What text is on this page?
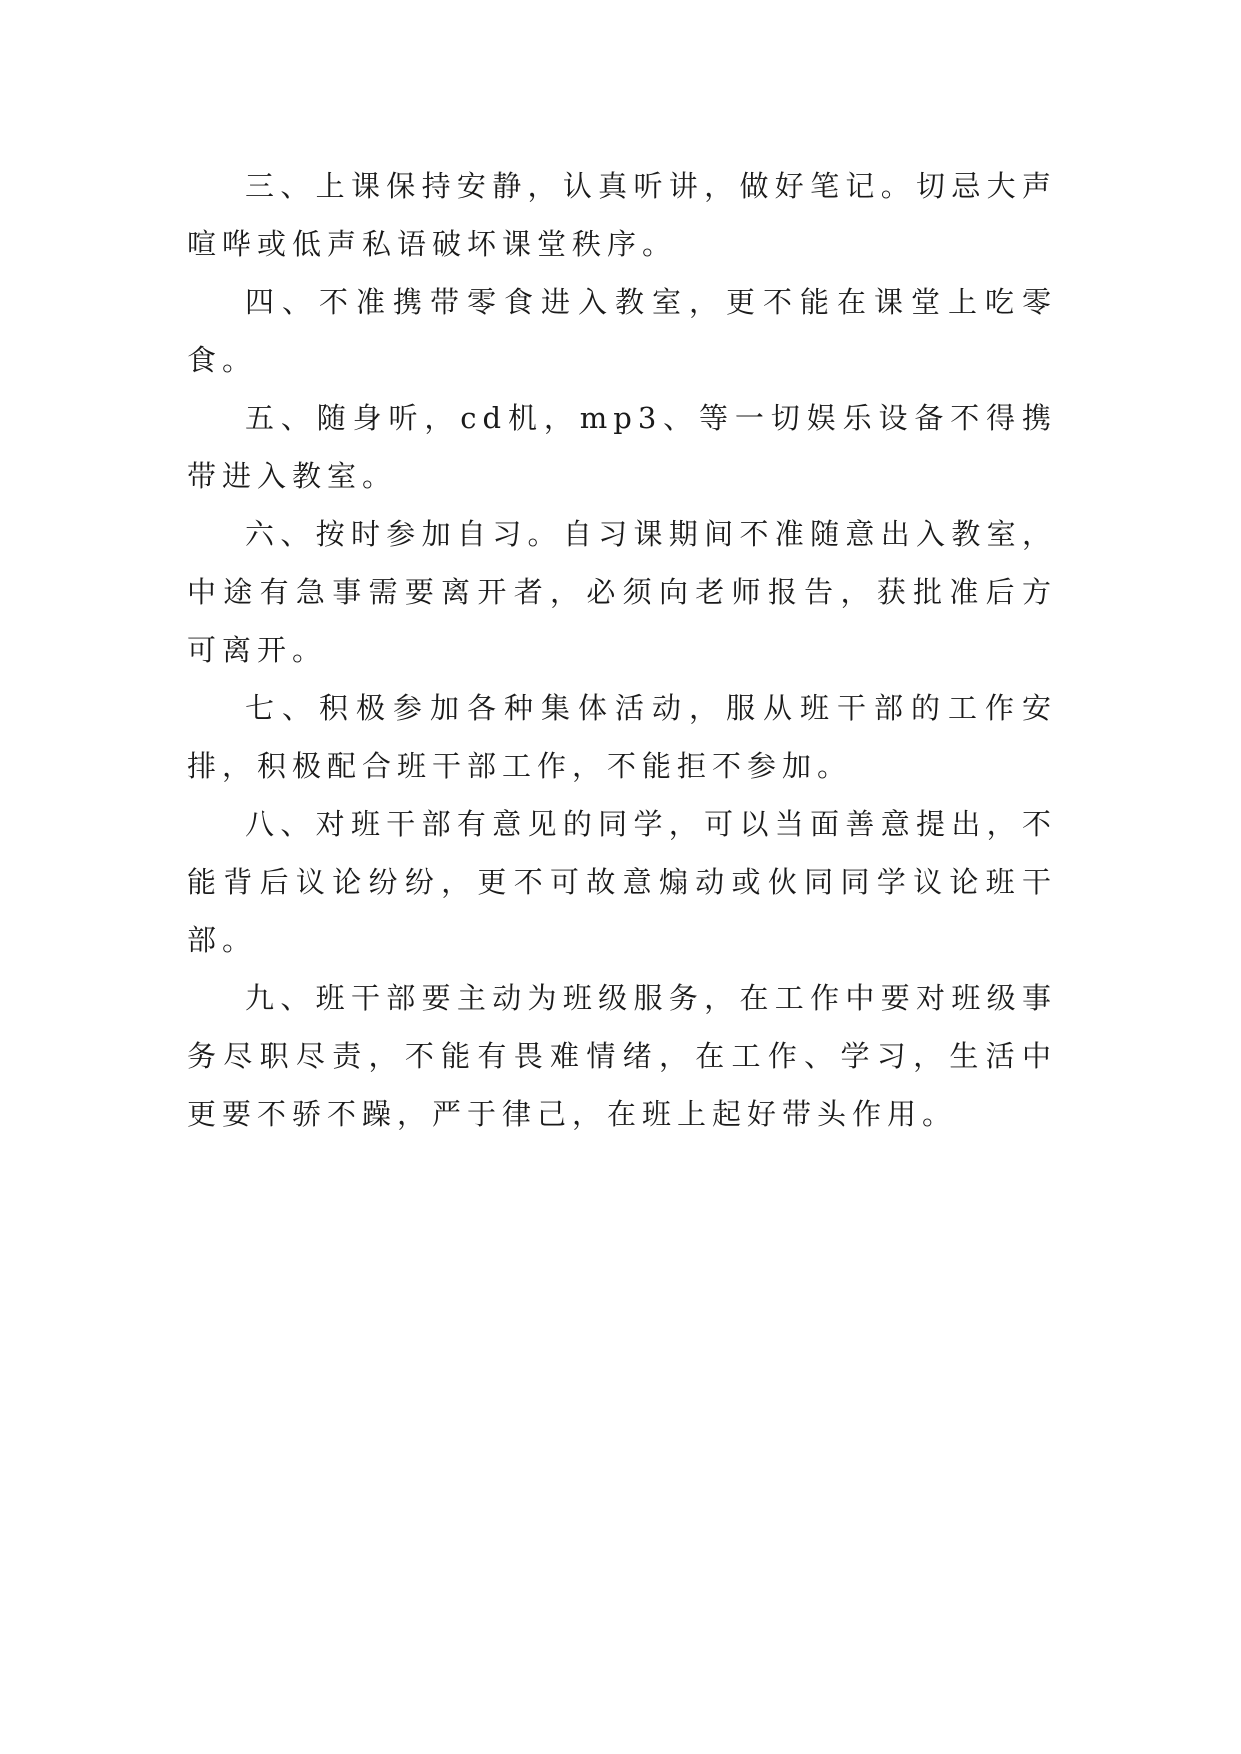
三、上课保持安静，认真听讲，做好笔记。切忌大声喧哗或低声私语破坏课堂秩序。

四、不准携带零食进入教室，更不能在课堂上吃零食。

五、随身听，cd机，mp3、等一切娱乐设备不得携带进入教室。

六、按时参加自习。自习课期间不准随意出入教室，中途有急事需要离开者，必须向老师报告，获批准后方可离开。

七、积极参加各种集体活动，服从班干部的工作安排，积极配合班干部工作，不能拒不参加。

八、对班干部有意见的同学，可以当面善意提出，不能背后议论纷纷，更不可故意煽动或伙同同学议论班干部。

九、班干部要主动为班级服务，在工作中要对班级事务尽职尽责，不能有畏难情绪，在工作、学习，生活中更要不骄不躁，严于律己，在班上起好带头作用。
